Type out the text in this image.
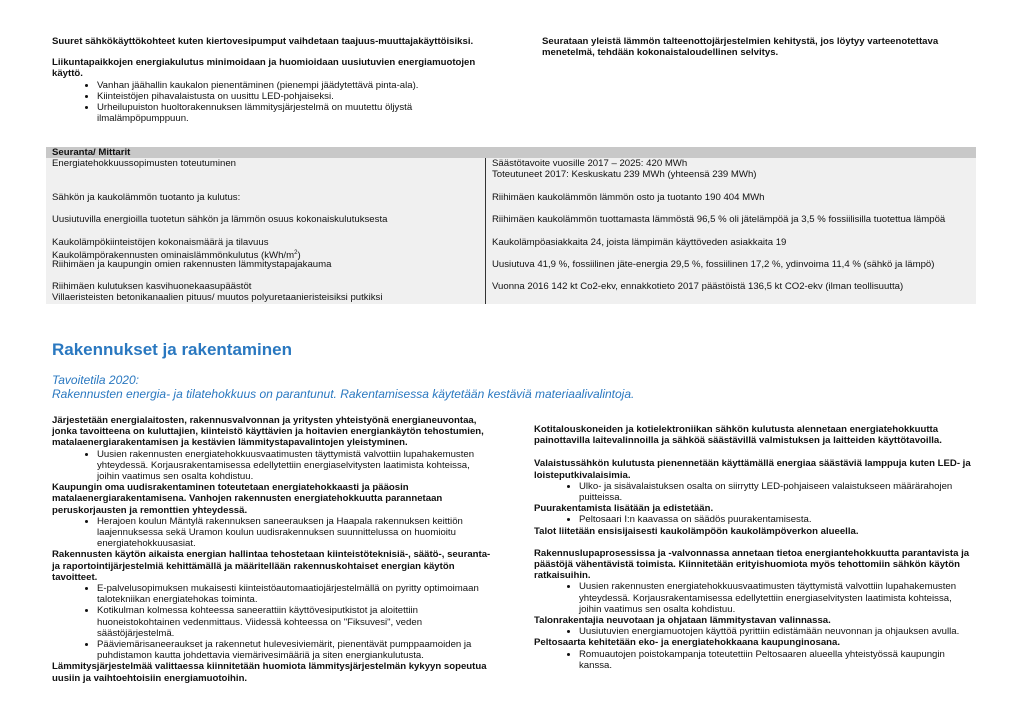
Suuret sähkökäyttökohteet kuten kiertovesipumput vaihdetaan taajuus-muuttajakäyttöisiksi.

Liikuntapaikkojen energiakulutus minimoidaan ja huomioidaan uusiutuvien energiamuotojen käyttö.

• Vanhan jäähallin kaukalon pienentäminen (pienempi jäädytettävä pinta-ala).
• Kiinteistöjen pihavalaistusta on uusittu LED-pohjaiseksi.
• Urheilupuiston huoltorakennuksen lämmitysjärjestelmä on muutettu öljystä ilmalämpöpumppuun.

Seurataan yleistä lämmön talteenottojärjestelmien kehitystä, jos löytyy varteenotettava menetelmä, tehdään kokonaistaloudellinen selvitys.

Seuranta/ Mittarit
Energiatehokkuussopimusten toteutuminen	Säästötavoite vuosille 2017 – 2025: 420 MWh
Toteutuneet 2017: Keskuskatu 239 MWh (yhteensä 239 MWh)
Sähkön ja kaukolämmön tuotanto ja kulutus:	Riihimäen kaukolämmön lämmön osto ja tuotanto 190 404 MWh
Uusiutuvilla energioilla tuotetun sähkön ja lämmön osuus kokonaiskulutuksesta	Riihimäen kaukolämmön tuottamasta lämmöstä 96,5 % oli jätelämpöä ja 3,5 % fossiilisilla tuotettua lämpöä
Kaukolämpökiinteistöjen kokonaismäärä ja tilavuus	Kaukolämpöasiakkaita 24, joista lämpimän käyttöveden asiakkaita 19
Kaukolämpörakennusten ominaislämmönkulutus $(kWh/m^2)$
Riihimäen ja kaupungin omien rakennusten lämmitystapajakauma	Uusiutuva 41,9 %, fossiilinen jäte-energia 29,5 %, fossiilinen 17,2 %, ydinvoima 11,4 % (sähkö ja lämpö)
Riihimäen kulutuksen kasvihuonekaasupäästöt	Vuonna 2016 142 kt Co2-ekv, ennakkotieto 2017 päästöistä 136,5 kt CO2-ekv (ilman teollisuutta)
Villaeristeisten betonikanaalien pituus/ muutos polyuretaanieristeisiksi putkiksi
Rakennukset ja rakentaminen
Tavoitetila 2020:
Rakennusten energia- ja tilatehokkuus on parantunut. Rakentamisessa käytetään kestäviä materiaalivalintoja.

Järjestetään energialaitosten, rakennusvalvonnan ja yritysten yhteistyönä energianeuvontaa, jonka tavoitteena on kuluttajien, kiinteistö käyttävien ja hoitavien energiankäytön tehostumien, matalaenergiarakentamisen ja kestävien lämmitystapavalintojen yleistyminen.

• Uusien rakennusten energiatehokkuusvaatimusten täyttymistä valvottiin lupahakemusten yhteydessä. Korjausrakentamisessa edellytettiin energiaselvitysten laatimista kohteissa, joihin vaatimus sen osalta kohdistuu.

Kaupungin oma uudisrakentaminen toteutetaan energiatehokkaasti ja pääosin matalaenergiarakentamisena. Vanhojen rakennusten energiatehokkuutta parannetaan peruskorjausten ja remonttien yhteydessä.

• Herajoen koulun Mäntylä rakennuksen saneerauksen ja Haapala rakennuksen keittiön laajennuksessa sekä Uramon koulun uudisrakennuksen suunnittelussa on huomioitu energiatehokkuusasiat.

Rakennusten käytön aikaista energian hallintaa tehostetaan kiinteistöteknisiä-, säätö-, seuranta- ja raportointijärjestelmiä kehittämällä ja määritellään rakennuskohtaiset energian käytön tavoitteet.

• E-palvelusopimuksen mukaisesti kiinteistöautomaatiojärjestelmällä on pyritty optimoimaan talotekniikan energiatehokas toiminta.
• Kotikulman kolmessa kohteessa saneerattiin käyttövesiputkistot ja aloitettiin huoneistokohtainen vedenmittaus. Viidessä kohteessa on "Fiksuvesi", veden säästöjärjestelmä.
• Pääviemärisaneeraukset ja rakennetut hulevesiviemärit, pienentävät pumppaamoiden ja puhdistamon kautta johdettavia viemärivesimääriä ja siten energiankulutusta.

Lämmitysjärjestelmää valittaessa kiinnitetään huomiota lämmitysjärjestelmän kykyyn sopeutua uusiin ja vaihtoehtoisiin energiamuotoihin.

Kotitalouskoneiden ja kotielektroniikan sähkön kulutusta alennetaan energiatehokkuutta painottavilla laitevalinnoilla ja sähköä säästävillä valmistuksen ja laitteiden käyttötavoilla.

Valaistussähkön kulutusta pienennetään käyttämällä energiaa säästäviä lamppuja kuten LED- ja loisteputkivalaisimia.

• Ulko- ja sisävalaistuksen osalta on siirrytty LED-pohjaiseen valaistukseen määrärahojen puitteissa.

Puurakentamista lisätään ja edistetään.

• Peltosaari I:n kaavassa on säädös puurakentamisesta.

Talot liitetään ensisijaisesti kaukolämpöön kaukolämpöverkon alueella.

Rakennuslupaprosessissa ja -valvonnassa annetaan tietoa energiantehokkuutta parantavista ja päästöjä vähentävistä toimista. Kiinnitetään erityishuomiota myös tehottomiin sähkön käytön ratkaisuihin.

• Uusien rakennusten energiatehokkuusvaatimusten täyttymistä valvottiin lupahakemusten yhteydessä. Korjausrakentamisessa edellytettiin energiaselvitysten laatimista kohteissa, joihin vaatimus sen osalta kohdistuu.

Talonrakentajia neuvotaan ja ohjataan lämmitystavan valinnassa.

• Uusiutuvien energiamuotojen käyttöä pyrittiin edistämään neuvonnan ja ohjauksen avulla.

Peltosaarta kehitetään eko- ja energiatehokkaana kaupunginosana.

• Romuautojen poistokampanja toteutettiin Peltosaaren alueella yhteistyössä kaupungin kanssa.
